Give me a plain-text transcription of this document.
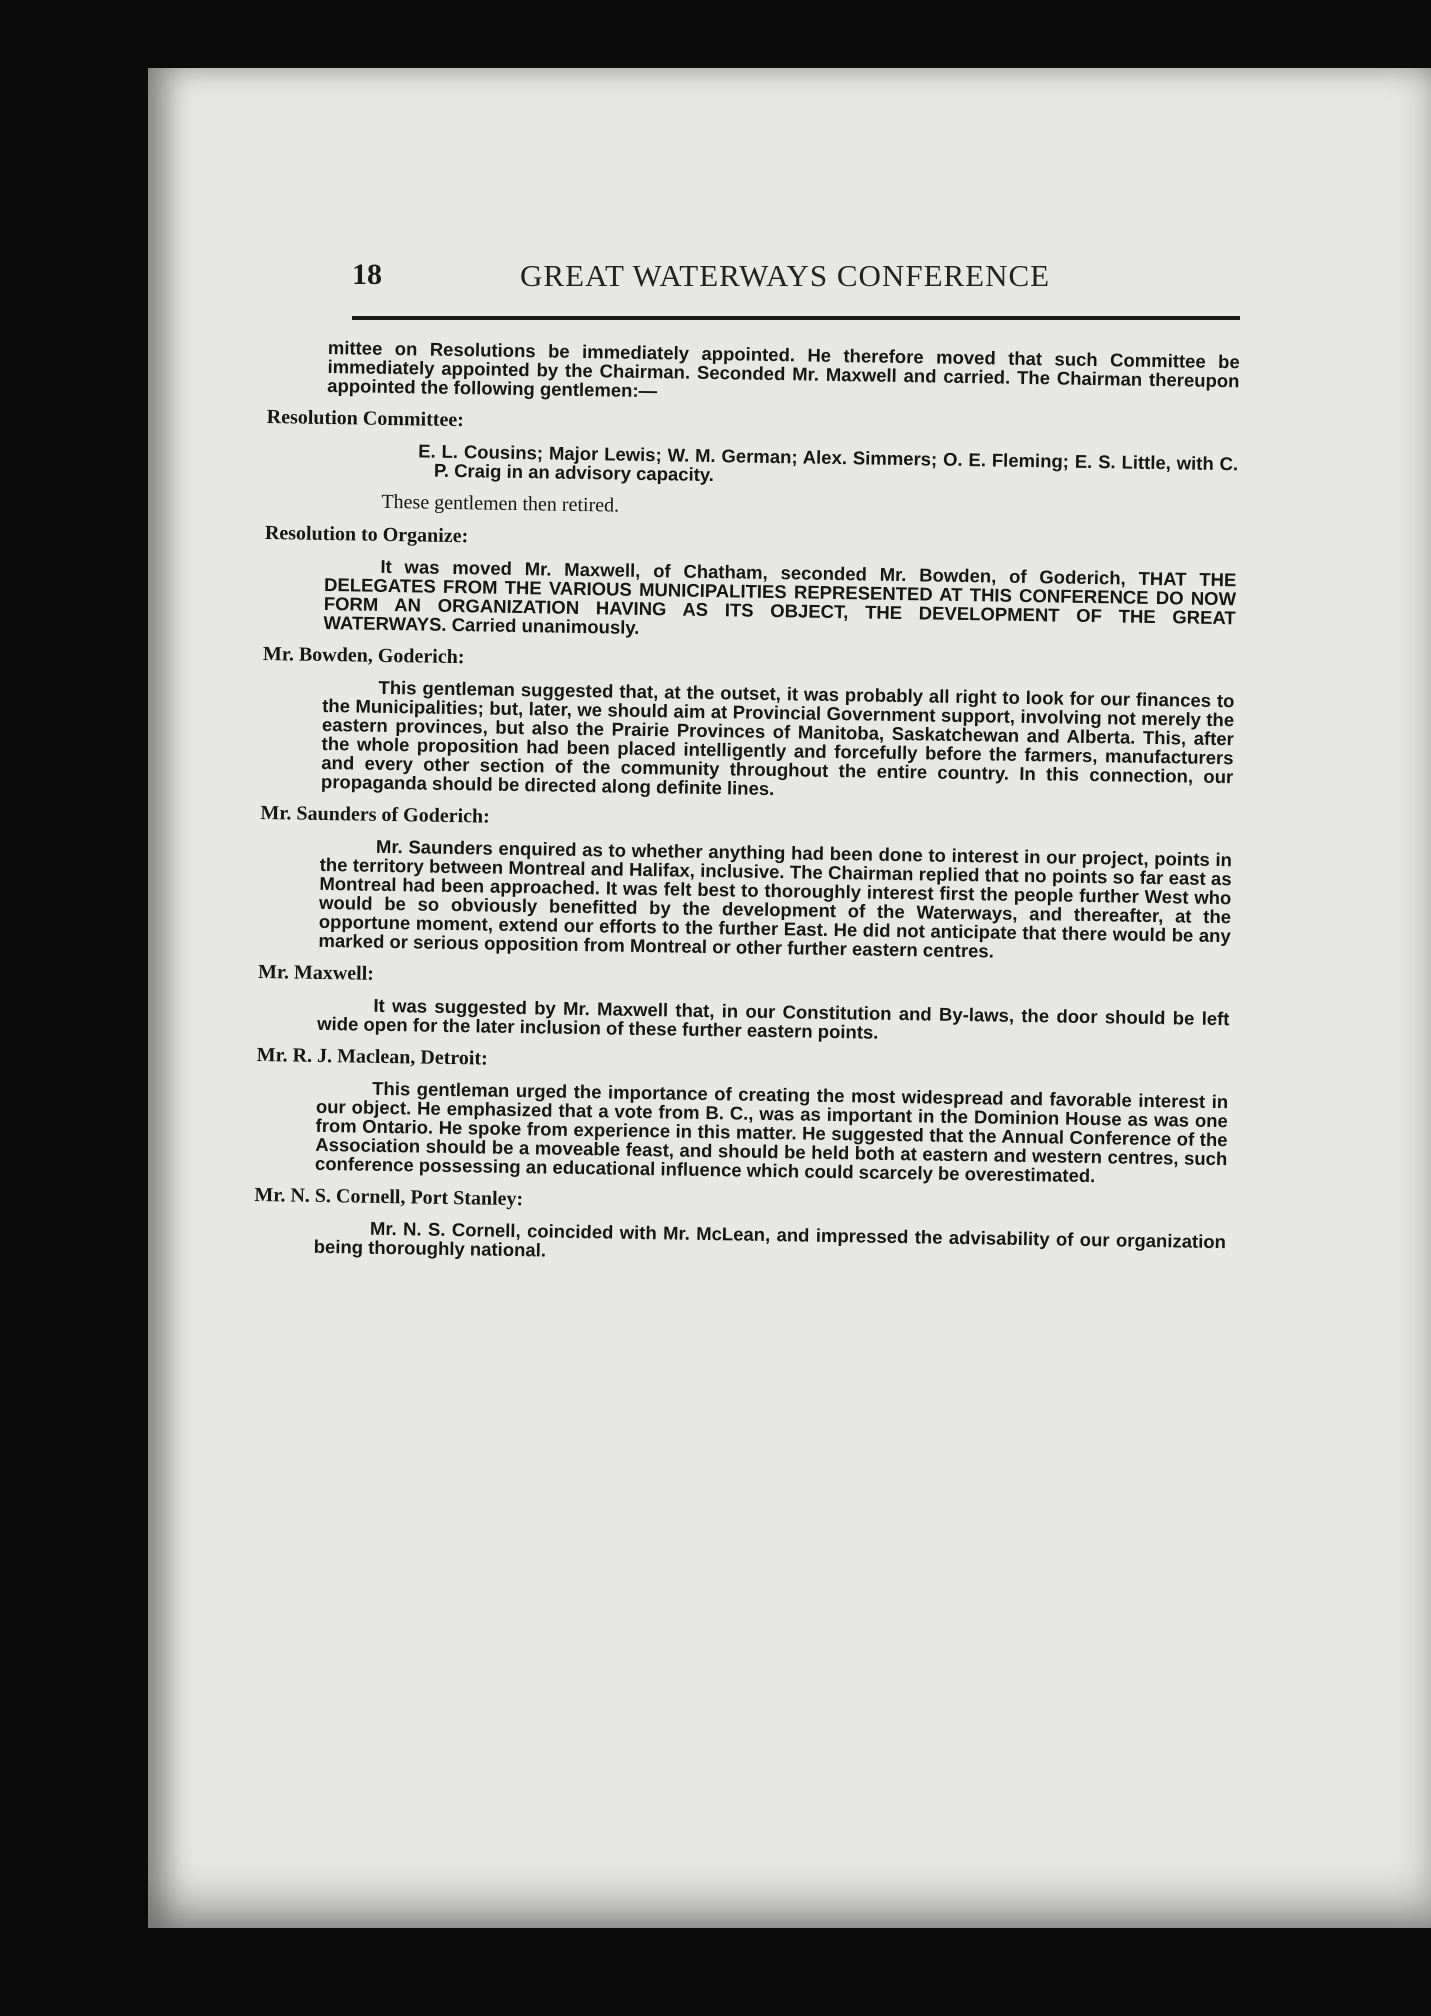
18	GREAT WATERWAYS CONFERENCE

mittee on Resolutions be immediately appointed. He therefore moved that such Committee be immediately appointed by the Chairman. Seconded Mr. Maxwell and carried. The Chairman thereupon appointed the following gentlemen:—

Resolution Committee:

E. L. Cousins; Major Lewis; W. M. German; Alex. Simmers; O. E. Fleming; E. S. Little, with C. P. Craig in an advisory capacity.

These gentlemen then retired.

Resolution to Organize:

It was moved Mr. Maxwell, of Chatham, seconded Mr. Bowden, of Goderich, THAT THE DELEGATES FROM THE VARIOUS MUNICIPALITIES REPRESENTED AT THIS CONFERENCE DO NOW FORM AN ORGANIZATION HAVING AS ITS OBJECT, THE DEVELOPMENT OF THE GREAT WATERWAYS. Carried unanimously.

Mr. Bowden, Goderich:

This gentleman suggested that, at the outset, it was probably all right to look for our finances to the Municipalities; but, later, we should aim at Provincial Government support, involving not merely the eastern provinces, but also the Prairie Provinces of Manitoba, Saskatchewan and Alberta. This, after the whole proposition had been placed intelligently and forcefully before the farmers, manufacturers and every other section of the community throughout the entire country. In this connection, our propaganda should be directed along definite lines.

Mr. Saunders of Goderich:

Mr. Saunders enquired as to whether anything had been done to interest in our project, points in the territory between Montreal and Halifax, inclusive. The Chairman replied that no points so far east as Montreal had been approached. It was felt best to thoroughly interest first the people further West who would be so obviously benefitted by the development of the Waterways, and thereafter, at the opportune moment, extend our efforts to the further East. He did not anticipate that there would be any marked or serious opposition from Montreal or other further eastern centres.

Mr. Maxwell:

It was suggested by Mr. Maxwell that, in our Constitution and By-laws, the door should be left wide open for the later inclusion of these further eastern points.

Mr. R. J. Maclean, Detroit:

This gentleman urged the importance of creating the most widespread and favorable interest in our object. He emphasized that a vote from B. C., was as important in the Dominion House as was one from Ontario. He spoke from experience in this matter. He suggested that the Annual Conference of the Association should be a moveable feast, and should be held both at eastern and western centres, such conference possessing an educational influence which could scarcely be overestimated.

Mr. N. S. Cornell, Port Stanley:

Mr. N. S. Cornell, coincided with Mr. McLean, and impressed the advisability of our organization being thoroughly national.
